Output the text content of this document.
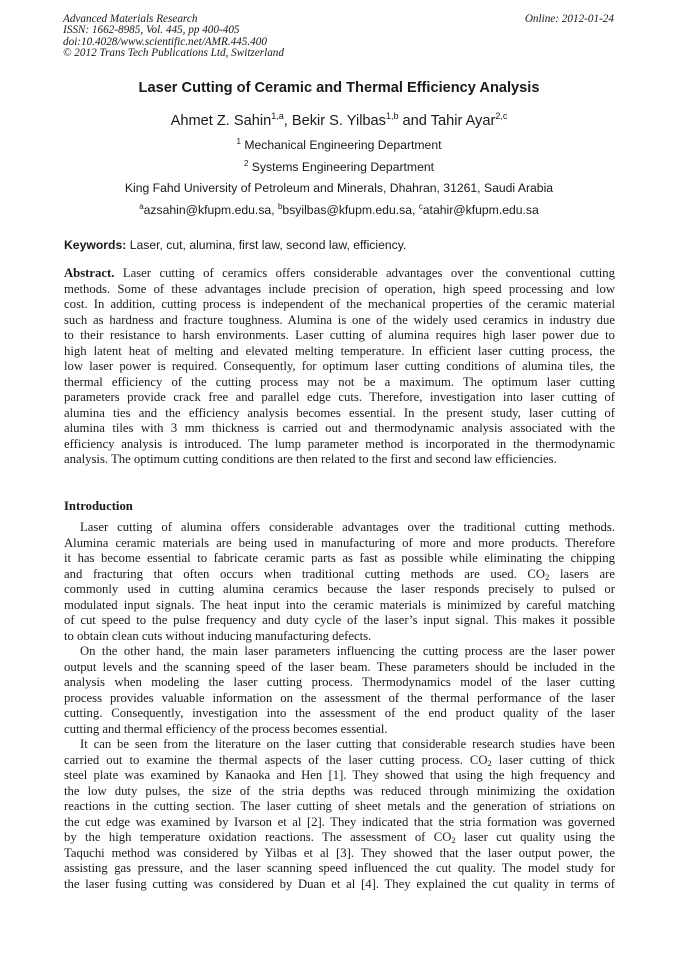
Advanced Materials Research
ISSN: 1662-8985, Vol. 445, pp 400-405
doi:10.4028/www.scientific.net/AMR.445.400
© 2012 Trans Tech Publications Ltd, Switzerland
Online: 2012-01-24
Laser Cutting of Ceramic and Thermal Efficiency Analysis
Ahmet Z. Sahin$^{1,a}$, Bekir S. Yilbas$^{1,b}$ and Tahir Ayar$^{2,c}$
$^1$ Mechanical Engineering Department
$^2$ Systems Engineering Department
King Fahd University of Petroleum and Minerals, Dhahran, 31261, Saudi Arabia
$^a$azsahin@kfupm.edu.sa, $^b$bsyilbas@kfupm.edu.sa, $^c$atahir@kfupm.edu.sa
Keywords: Laser, cut, alumina, first law, second law, efficiency.
Abstract. Laser cutting of ceramics offers considerable advantages over the conventional cutting
methods. Some of these advantages include precision of operation, high speed processing and low
cost. In addition, cutting process is independent of the mechanical properties of the ceramic material
such as hardness and fracture toughness. Alumina is one of the widely used ceramics in industry due
to their resistance to harsh environments. Laser cutting of alumina requires high laser power due to
high latent heat of melting and elevated melting temperature. In efficient laser cutting process, the
low laser power is required. Consequently, for optimum laser cutting conditions of alumina tiles, the
thermal efficiency of the cutting process may not be a maximum. The optimum laser cutting
parameters provide crack free and parallel edge cuts. Therefore, investigation into laser cutting of
alumina ties and the efficiency analysis becomes essential. In the present study, laser cutting of
alumina tiles with 3 mm thickness is carried out and thermodynamic analysis associated with the
efficiency analysis is introduced. The lump parameter method is incorporated in the thermodynamic
analysis. The optimum cutting conditions are then related to the first and second law efficiencies.
Introduction
Laser cutting of alumina offers considerable advantages over the traditional cutting methods.
Alumina ceramic materials are being used in manufacturing of more and more products. Therefore
it has become essential to fabricate ceramic parts as fast as possible while eliminating the chipping
and fracturing that often occurs when traditional cutting methods are used. $CO_2$ lasers are
commonly used in cutting alumina ceramics because the laser responds precisely to pulsed or
modulated input signals. The heat input into the ceramic materials is minimized by careful matching
of cut speed to the pulse frequency and duty cycle of the laser’s input signal. This makes it possible
to obtain clean cuts without inducing manufacturing defects.
On the other hand, the main laser parameters influencing the cutting process are the laser power
output levels and the scanning speed of the laser beam. These parameters should be included in the
analysis when modeling the laser cutting process. Thermodynamics model of the laser cutting
process provides valuable information on the assessment of the thermal performance of the laser
cutting. Consequently, investigation into the assessment of the end product quality of the laser
cutting and thermal efficiency of the process becomes essential.
It can be seen from the literature on the laser cutting that considerable research studies have been
carried out to examine the thermal aspects of the laser cutting process. $CO_2$ laser cutting of thick
steel plate was examined by Kanaoka and Hen [1]. They showed that using the high frequency and
the low duty pulses, the size of the stria depths was reduced through minimizing the oxidation
reactions in the cutting section. The laser cutting of sheet metals and the generation of striations on
the cut edge was examined by Ivarson et al [2]. They indicated that the stria formation was governed
by the high temperature oxidation reactions. The assessment of $CO_2$ laser cut quality using the
Taquchi method was considered by Yilbas et al [3]. They showed that the laser output power, the
assisting gas pressure, and the laser scanning speed influenced the cut quality. The model study for
the laser fusing cutting was considered by Duan et al [4]. They explained the cut quality in terms of
